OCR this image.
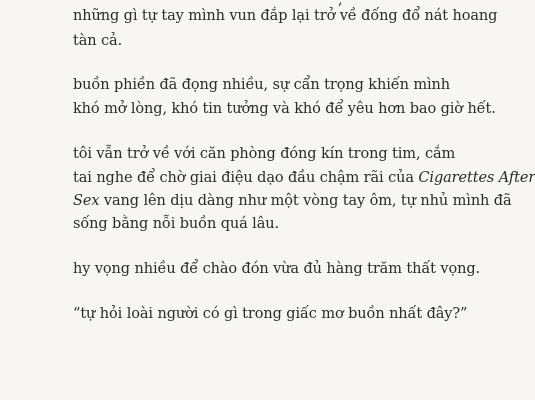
,
những gì tự tay mình vun đắp lại trở về đống đổ nát hoang
tàn cả.
buồn phiền đã đọng nhiều, sự cẩn trọng khiến mình
khó mở lòng, khó tin tưởng và khó để yêu hơn bao giờ hết.
tôi vẫn trở về với căn phòng đóng kín trong tim, cắm
tai nghe để chờ giai điệu dạo đầu chậm rãi của Cigarettes After
Sex vang lên dịu dàng như một vòng tay ôm, tự nhủ mình đã
sống bằng nỗi buồn quá lâu.
hy vọng nhiều để chào đón vừa đủ hàng trăm thất vọng.
“tự hỏi loài người có gì trong giấc mơ buồn nhất đây?”
